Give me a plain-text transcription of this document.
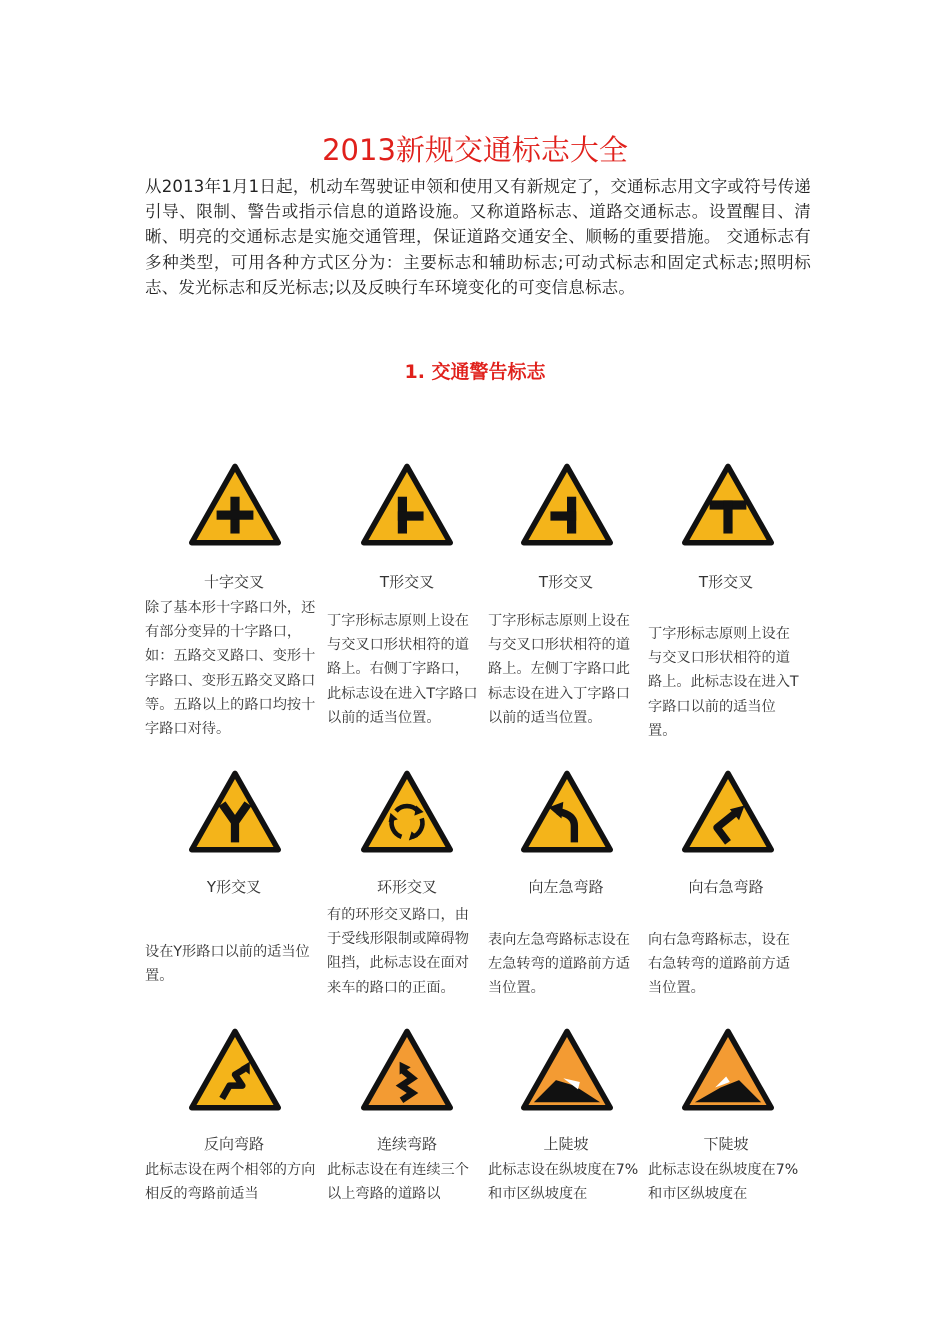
2013新规交通标志大全

从2013年1月1日起，机动车驾驶证申领和使用又有新规定了，交通标志用文字或符号传递引导、限制、警告或指示信息的道路设施。又称道路标志、道路交通标志。设置醒目、清晰、明亮的交通标志是实施交通管理，保证道路交通安全、顺畅的重要措施。 交通标志有多种类型，可用各种方式区分为：主要标志和辅助标志;可动式标志和固定式标志;照明标志、发光标志和反光标志;以及反映行车环境变化的可变信息标志。

1. 交通警告标志
十字交叉

除了基本形十字路口外，还有部分变异的十字路口，如：五路交叉路口、变形十字路口、变形五路交叉路口等。五路以上的路口均按十字路口对待。

T形交叉

丁字形标志原则上设在与交叉口形状相符的道路上。右侧丁字路口，此标志设在进入T字路口以前的适当位置。

T形交叉

丁字形标志原则上设在与交叉口形状相符的道路上。左侧丁字路口此标志设在进入丁字路口以前的适当位置。

T形交叉

丁字形标志原则上设在与交叉口形状相符的道路上。此标志设在进入T字路口以前的适当位置。

Y形交叉

设在Y形路口以前的适当位置。

环形交叉

有的环形交叉路口，由于受线形限制或障碍物阻挡，此标志设在面对来车的路口的正面。

向左急弯路

表向左急弯路标志设在左急转弯的道路前方适当位置。

向右急弯路

向右急弯路标志，设在右急转弯的道路前方适当位置。

反向弯路

此标志设在两个相邻的方向相反的弯路前适当

连续弯路

此标志设在有连续三个以上弯路的道路以

上陡坡

此标志设在纵坡度在7%和市区纵坡度在

下陡坡

此标志设在纵坡度在7%和市区纵坡度在
